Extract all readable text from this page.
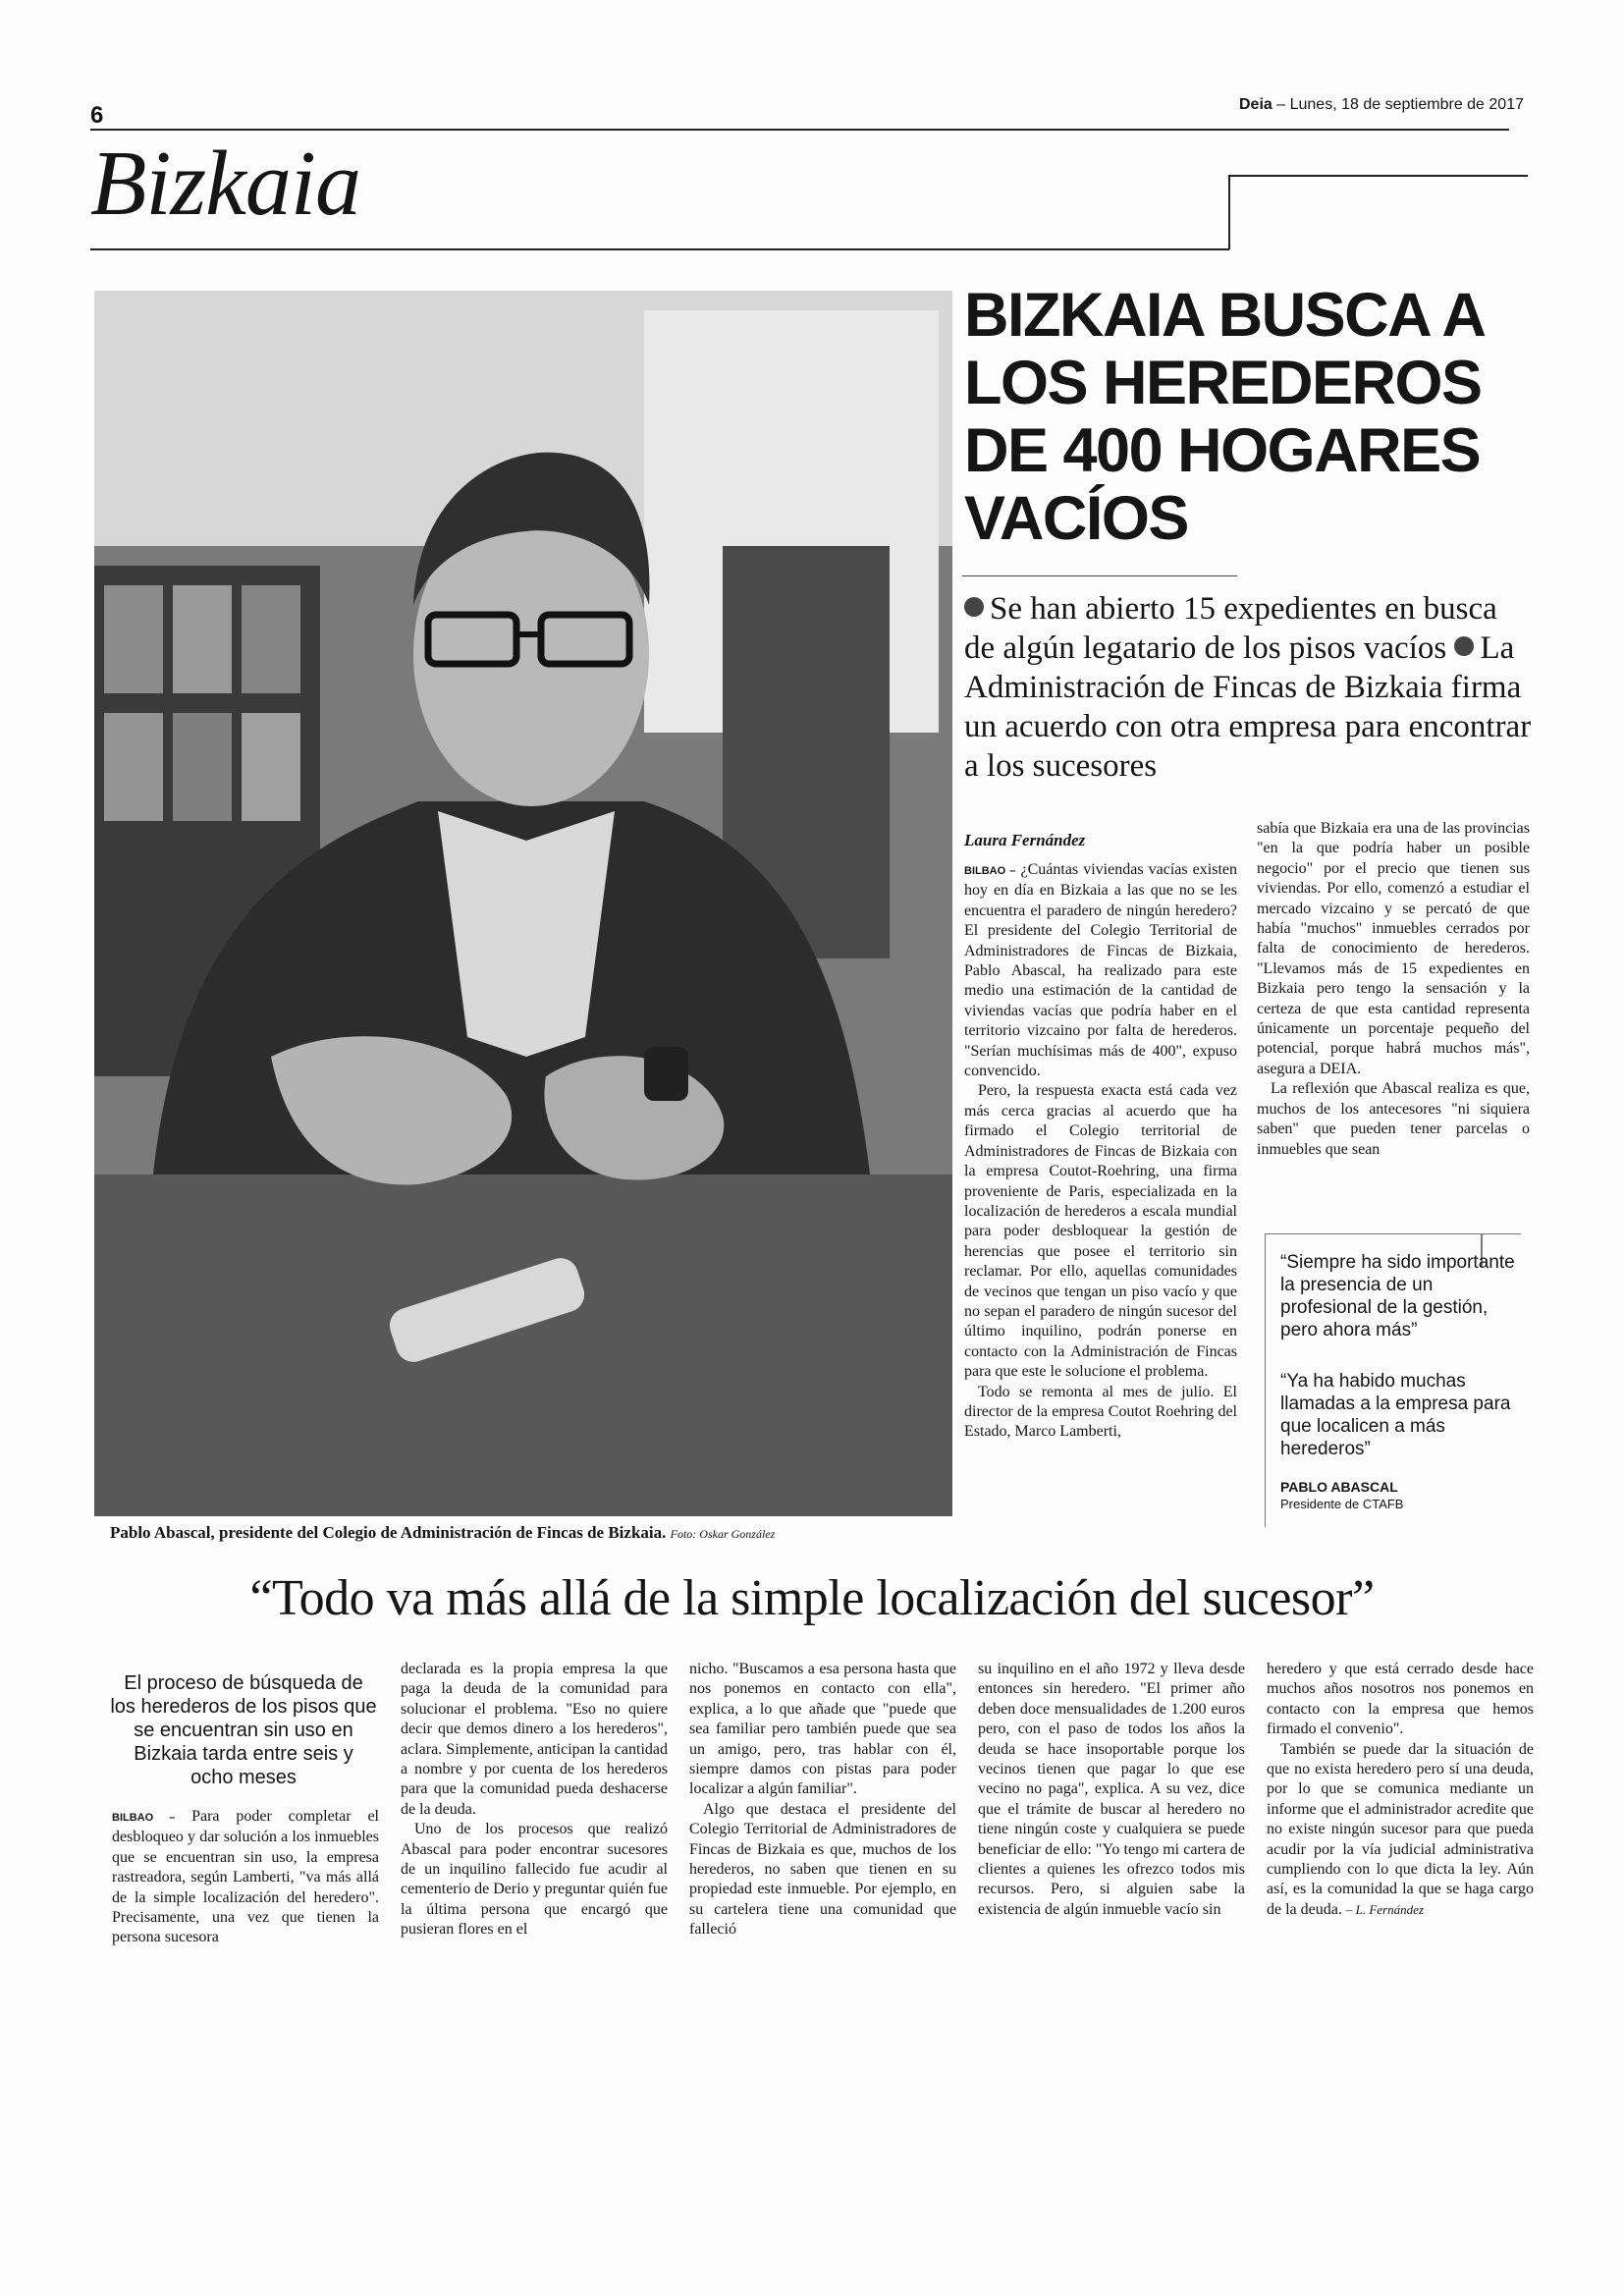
6	Deia – Lunes, 18 de septiembre de 2017
Bizkaia
Pablo Abascal, presidente del Colegio de Administración de Fincas de Bizkaia. Foto: Oskar González
BIZKAIA BUSCA A LOS HEREDEROS DE 400 HOGARES VACÍOS

Se han abierto 15 expedientes en busca de algún legatario de los pisos vacíos La Administración de Fincas de Bizkaia firma un acuerdo con otra empresa para encontrar a los sucesores

Laura Fernández

BILBAO – ¿Cuántas viviendas vacías existen hoy en día en Bizkaia a las que no se les encuentra el paradero de ningún heredero? El presidente del Colegio Territorial de Administradores de Fincas de Bizkaia, Pablo Abascal, ha realizado para este medio una estimación de la cantidad de viviendas vacías que podría haber en el territorio vizcaino por falta de herederos. "Serían muchísimas más de 400", expuso convencido.

Pero, la respuesta exacta está cada vez más cerca gracias al acuerdo que ha firmado el Colegio territorial de Administradores de Fincas de Bizkaia con la empresa Coutot-Roehring, una firma proveniente de Paris, especializada en la localización de herederos a escala mundial para poder desbloquear la gestión de herencias que posee el territorio sin reclamar. Por ello, aquellas comunidades de vecinos que tengan un piso vacío y que no sepan el paradero de ningún sucesor del último inquilino, podrán ponerse en contacto con la Administración de Fincas para que este le solucione el problema.

Todo se remonta al mes de julio. El director de la empresa Coutot Roehring del Estado, Marco Lamberti,

sabía que Bizkaia era una de las provincias "en la que podría haber un posible negocio" por el precio que tienen sus viviendas. Por ello, comenzó a estudiar el mercado vizcaino y se percató de que había "muchos" inmuebles cerrados por falta de conocimiento de herederos. "Llevamos más de 15 expedientes en Bizkaia pero tengo la sensación y la certeza de que esta cantidad representa únicamente un porcentaje pequeño del potencial, porque habrá muchos más", asegura a DEIA.

La reflexión que Abascal realiza es que, muchos de los antecesores "ni siquiera saben" que pueden tener parcelas o inmuebles que sean

“Siempre ha sido importante la presencia de un profesional de la gestión, pero ahora más”

“Ya ha habido muchas llamadas a la empresa para que localicen a más herederos”

PABLO ABASCAL
Presidente de CTAFB
“Todo va más allá de la simple localización del sucesor”

El proceso de búsqueda de los herederos de los pisos que se encuentran sin uso en Bizkaia tarda entre seis y ocho meses

BILBAO – Para poder completar el desbloqueo y dar solución a los inmuebles que se encuentran sin uso, la empresa rastreadora, según Lamberti, "va más allá de la simple localización del heredero". Precisamente, una vez que tienen la persona sucesora

declarada es la propia empresa la que paga la deuda de la comunidad para solucionar el problema. "Eso no quiere decir que demos dinero a los herederos", aclara. Simplemente, anticipan la cantidad a nombre y por cuenta de los herederos para que la comunidad pueda deshacerse de la deuda.

Uno de los procesos que realizó Abascal para poder encontrar sucesores de un inquilino fallecido fue acudir al cementerio de Derio y preguntar quién fue la última persona que encargó que pusieran flores en el

nicho. "Buscamos a esa persona hasta que nos ponemos en contacto con ella", explica, a lo que añade que "puede que sea familiar pero también puede que sea un amigo, pero, tras hablar con él, siempre damos con pistas para poder localizar a algún familiar".

Algo que destaca el presidente del Colegio Territorial de Administradores de Fincas de Bizkaia es que, muchos de los herederos, no saben que tienen en su propiedad este inmueble. Por ejemplo, en su cartelera tiene una comunidad que falleció

su inquilino en el año 1972 y lleva desde entonces sin heredero. "El primer año deben doce mensualidades de 1.200 euros pero, con el paso de todos los años la deuda se hace insoportable porque los vecinos tienen que pagar lo que ese vecino no paga", explica. A su vez, dice que el trámite de buscar al heredero no tiene ningún coste y cualquiera se puede beneficiar de ello: "Yo tengo mi cartera de clientes a quienes les ofrezco todos mis recursos. Pero, si alguien sabe la existencia de algún inmueble vacío sin

heredero y que está cerrado desde hace muchos años nosotros nos ponemos en contacto con la empresa que hemos firmado el convenio".

También se puede dar la situación de que no exista heredero pero sí una deuda, por lo que se comunica mediante un informe que el administrador acredite que no existe ningún sucesor para que pueda acudir por la vía judicial administrativa cumpliendo con lo que dicta la ley. Aún así, es la comunidad la que se haga cargo de la deuda. – L. Fernández
